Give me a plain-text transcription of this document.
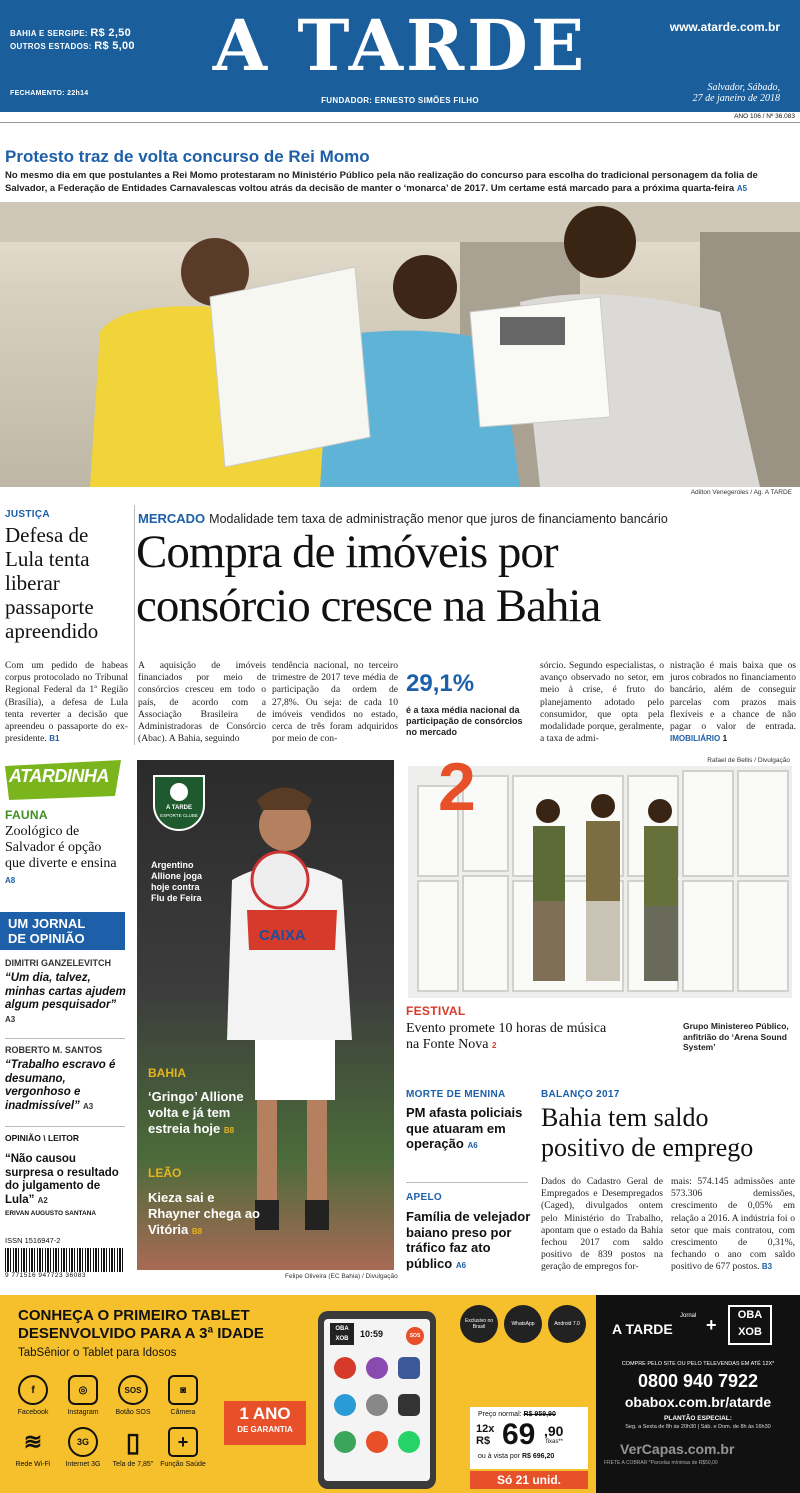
A TARDE
BAHIA E SERGIPE: R$ 2,50
OUTROS ESTADOS: R$ 5,00
FECHAMENTO: 22h14
FUNDADOR: ERNESTO SIMÕES FILHO
www.atarde.com.br
Salvador, Sábado,
27 de janeiro de 2018
ANO 106 / Nº 36.083
Protesto traz de volta concurso de Rei Momo
No mesmo dia em que postulantes a Rei Momo protestaram no Ministério Público pela não realização do concurso para escolha do tradicional personagem da folia de Salvador, a Federação de Entidades Carnavalescas voltou atrás da decisão de manter o ‘monarca’ de 2017. Um certame está marcado para a próxima quarta-feira A5
Adilton Venegeroles / Ag. A TARDE
JUSTIÇA
Defesa de
Lula tenta
liberar
passaporte
apreendido
Com um pedido de habeas corpus protocolado no Tribunal Regional Federal da 1ª Região (Brasília), a defesa de Lula tenta reverter a decisão que apreendeu o passaporte do ex-presidente. B1
MERCADO Modalidade tem taxa de administração menor que juros de financiamento bancário
Compra de imóveis por
consórcio cresce na Bahia
A aquisição de imóveis financiados por meio de consórcios cresceu em todo o país, de acordo com a Associação Brasileira de Administradoras de Consórcio (Abac). A Bahia, seguindo
tendência nacional, no terceiro trimestre de 2017 teve média de participação da ordem de 27,8%. Ou seja: de cada 10 imóveis vendidos no estado, cerca de três foram adquiridos por meio de con-
29,1%
é a taxa média nacional da participação de consórcios no mercado
sórcio. Segundo especialistas, o avanço observado no setor, em meio à crise, é fruto do planejamento adotado pelo consumidor, que opta pela modalidade porque, geralmente, a taxa de admi-
nistração é mais baixa que os juros cobrados no financiamento bancário, além de conseguir parcelas com prazos mais flexíveis e a chance de não pagar o valor de entrada. IMOBILIÁRIO 1
ATARDINHA
FAUNA
Zoológico de Salvador é opção que diverte e ensina A8
UM JORNAL
DE OPINIÃO
DIMITRI GANZELEVITCH
“Um dia, talvez, minhas cartas ajudem algum pesquisador” A3
ROBERTO M. SANTOS
“Trabalho escravo é desumano, vergonhoso e inadmissível” A3
OPINIÃO \ LEITOR
“Não causou surpresa o resultado do julgamento de Lula” A2
ERIVAN AUGUSTO SANTANA
ISSN 1516947-2
9 771516 947723 36083
CAIXA
A TARDE
ESPORTE CLUBE
Argentino Allione joga hoje contra Flu de Feira
BAHIA
‘Gringo’ Allione volta e já tem estreia hoje B8
LEÃO
Kieza sai e Rhayner chega ao Vitória B8
Felipe Oliveira (EC Bahia) / Divulgação
Rafael de Bellis / Divulgação
2
FESTIVAL
Evento promete 10 horas de música na Fonte Nova 2
Grupo Ministereo Público, anfitrião do ‘Arena Sound System’
MORTE DE MENINA
PM afasta policiais que atuaram em operação A6
APELO
Família de velejador baiano preso por tráfico faz ato público A6
BALANÇO 2017
Bahia tem saldo
positivo de emprego
Dados do Cadastro Geral de Empregados e Desempregados (Caged), divulgados ontem pelo Ministério do Trabalho, apontam que o estado da Bahia fechou 2017 com saldo positivo de 839 postos na geração de empregos for-
mais: 574.145 admissões ante 573.306 demissões, crescimento de 0,05% em relação a 2016. A indústria foi o setor que mais contratou, com crescimento de 0,31%, fechando o ano com saldo positivo de 677 postos. B3
CONHEÇA O PRIMEIRO TABLET
DESENVOLVIDO PARA A 3ª IDADE
TabSênior o Tablet para Idosos
f	◎	SOS	◙
Facebook	Instagram	Botão SOS	Câmera
≋	3G	▯	+
Rede Wi-Fi	Internet 3G	Tela de 7,85" Função Saúde
1 ANO
DE GARANTIA
OBA XOB	10:59	SOS
Exclusivo no Brasil	WhatsApp	Android 7.0
Preço normal: R$ 959,90
12x
R$ 69 ,90
fixas**
ou à vista por R$ 696,20
Só 21 unid.
A TARDE +
Jornal	OBA XOB
COMPRE PELO SITE OU PELO TELEVENDAS EM ATÉ 12X*
0800 940 7922
obabox.com.br/atarde
PLANTÃO ESPECIAL:
Seg. a Sexta de 8h às 20h30 | Sáb. e Dom. de 8h às 16h30
FRETE A COBRAR *Parcelas mínimas de R$50,00
VerCapas.com.br
